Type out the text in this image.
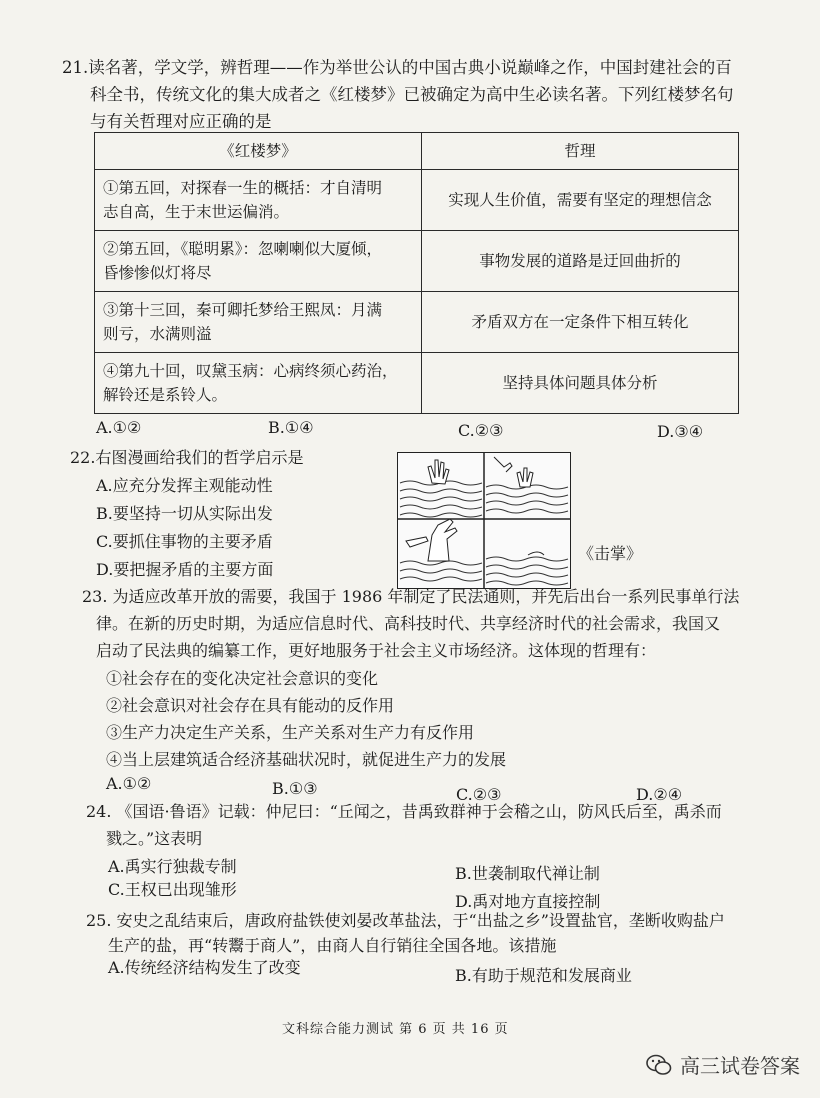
21.读名著，学文学，辨哲理——作为举世公认的中国古典小说巅峰之作，中国封建社会的百
科全书，传统文化的集大成者之《红楼梦》已被确定为高中生必读名著。下列红楼梦名句
与有关哲理对应正确的是
《红楼梦》	哲理

①第五回，对探春一生的概括：才自清明
志自高，生于末世运偏消。	实现人生价值，需要有坚定的理想信念

②第五回，《聪明累》：忽喇喇似大厦倾，
昏惨惨似灯将尽	事物发展的道路是迂回曲折的

③第十三回，秦可卿托梦给王熙凤：月满
则亏，水满则溢	矛盾双方在一定条件下相互转化

④第九十回，叹黛玉病：心病终须心药治，
解铃还是系铃人。	坚持具体问题具体分析
A.①②	B.①④	C.②③	D.③④
22.右图漫画给我们的哲学启示是
A.应充分发挥主观能动性
B.要坚持一切从实际出发
C.要抓住事物的主要矛盾
D.要把握矛盾的主要方面
《击掌》
23. 为适应改革开放的需要，我国于 1986 年制定了民法通则，并先后出台一系列民事单行法
律。在新的历史时期，为适应信息时代、高科技时代、共享经济时代的社会需求，我国又
启动了民法典的编纂工作，更好地服务于社会主义市场经济。这体现的哲理有：
①社会存在的变化决定社会意识的变化
②社会意识对社会存在具有能动的反作用
③生产力决定生产关系，生产关系对生产力有反作用
④当上层建筑适合经济基础状况时，就促进生产力的发展
A.①②	B.①③	C.②③	D.②④
24. 《国语·鲁语》记载：仲尼曰：“丘闻之，昔禹致群神于会稽之山，防风氏后至，禹杀而
戮之。”这表明
A.禹实行独裁专制	B.世袭制取代禅让制
C.王权已出现雏形
D.禹对地方直接控制
25. 安史之乱结束后，唐政府盐铁使刘晏改革盐法，于“出盐之乡”设置盐官，垄断收购盐户
生产的盐，再“转鬻于商人”，由商人自行销往全国各地。该措施
A.传统经济结构发生了改变	B.有助于规范和发展商业
文科综合能力测试 第 6 页 共 16 页
高三试卷答案
